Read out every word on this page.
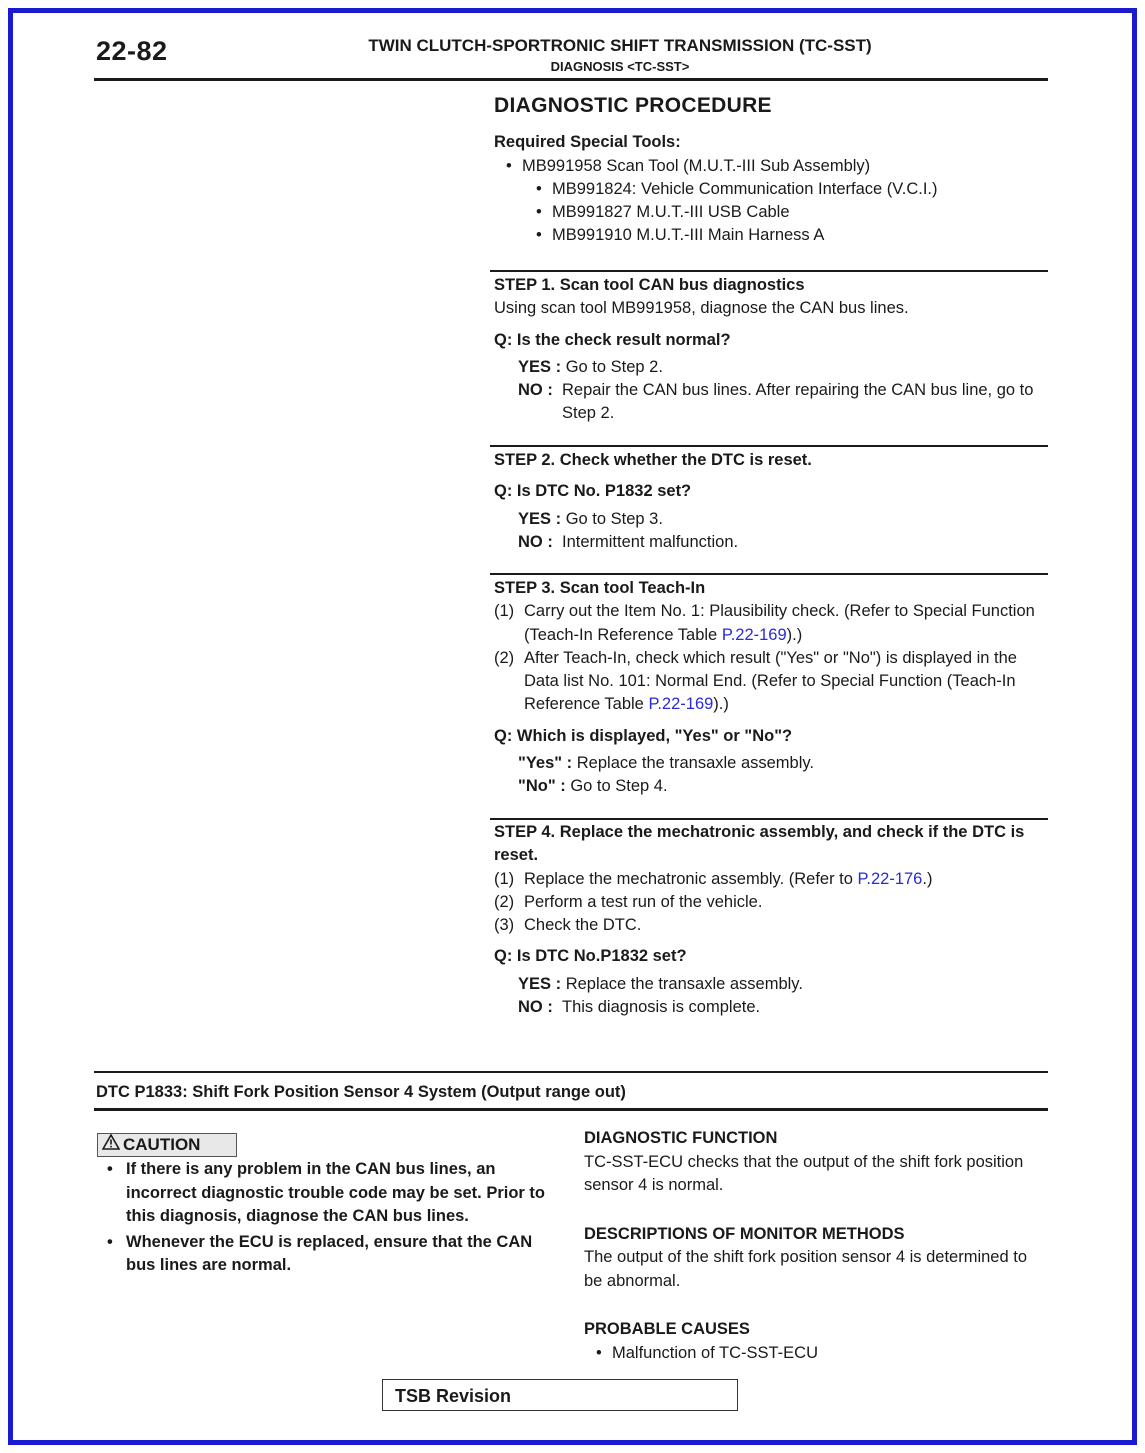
22-82	TWIN CLUTCH-SPORTRONIC SHIFT TRANSMISSION (TC-SST)
DIAGNOSIS <TC-SST>
DIAGNOSTIC PROCEDURE
Required Special Tools:
• MB991958 Scan Tool (M.U.T.-III Sub Assembly)
• MB991824: Vehicle Communication Interface (V.C.I.)
• MB991827 M.U.T.-III USB Cable
• MB991910 M.U.T.-III Main Harness A
STEP 1. Scan tool CAN bus diagnostics
Using scan tool MB991958, diagnose the CAN bus lines.
Q: Is the check result normal?
YES : Go to Step 2.
NO : Repair the CAN bus lines. After repairing the CAN bus line, go to Step 2.
STEP 2. Check whether the DTC is reset.
Q: Is DTC No. P1832 set?
YES : Go to Step 3.
NO : Intermittent malfunction.
STEP 3. Scan tool Teach-In
(1) Carry out the Item No. 1: Plausibility check. (Refer to Special Function (Teach-In Reference Table P.22-169).)
(2) After Teach-In, check which result ("Yes" or "No") is displayed in the Data list No. 101: Normal End. (Refer to Special Function (Teach-In Reference Table P.22-169).)
Q: Which is displayed, "Yes" or "No"?
"Yes" : Replace the transaxle assembly.
"No" : Go to Step 4.
STEP 4. Replace the mechatronic assembly, and check if the DTC is reset.
(1) Replace the mechatronic assembly. (Refer to P.22-176.)
(2) Perform a test run of the vehicle.
(3) Check the DTC.
Q: Is DTC No.P1832 set?
YES : Replace the transaxle assembly.
NO : This diagnosis is complete.
DTC P1833: Shift Fork Position Sensor 4 System (Output range out)
CAUTION
• If there is any problem in the CAN bus lines, an incorrect diagnostic trouble code may be set. Prior to this diagnosis, diagnose the CAN bus lines.
• Whenever the ECU is replaced, ensure that the CAN bus lines are normal.
DIAGNOSTIC FUNCTION
TC-SST-ECU checks that the output of the shift fork position sensor 4 is normal.
DESCRIPTIONS OF MONITOR METHODS
The output of the shift fork position sensor 4 is determined to be abnormal.
PROBABLE CAUSES
• Malfunction of TC-SST-ECU
TSB Revision
